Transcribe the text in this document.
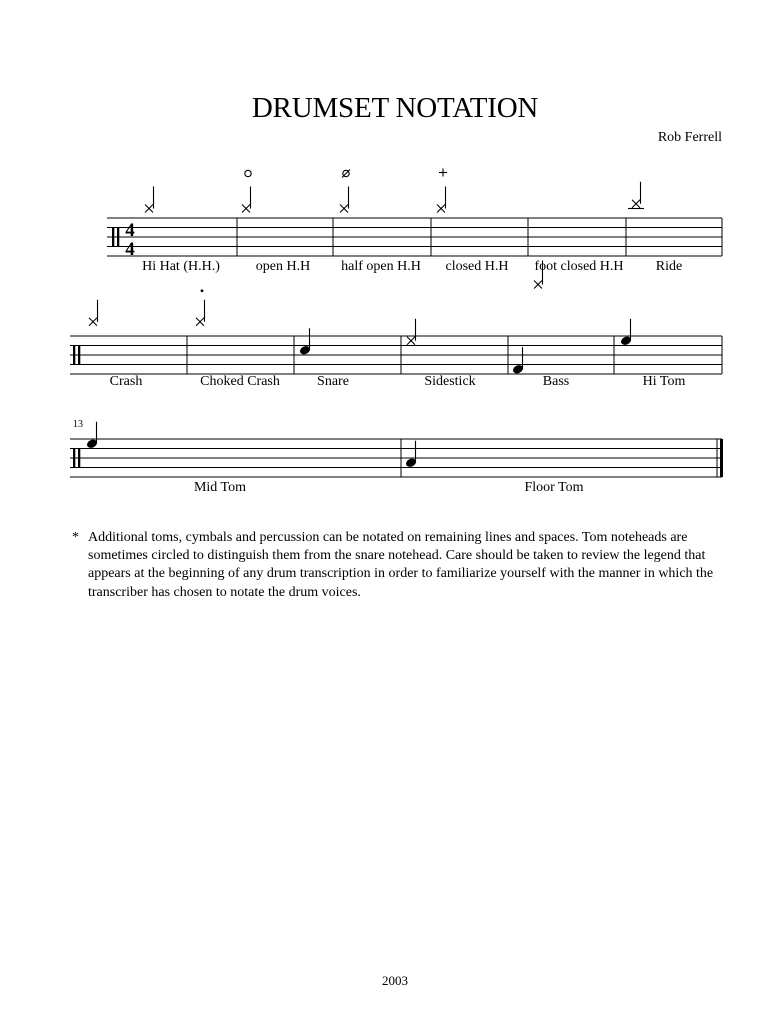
DRUMSET NOTATION
Rob Ferrell
4
4
13
Hi Hat (H.H.)	open H.H half open H.H closed H.H foot closed H.H Ride
Crash	Choked Crash	Snare	Sidestick	Bass	Hi Tom
Mid Tom	Floor Tom
* Additional toms, cymbals and percussion can be notated on remaining lines and spaces. Tom noteheads are sometimes circled to distinguish them from the snare notehead. Care should be taken to review the legend that appears at the beginning of any drum transcription in order to familiarize yourself with the manner in which the transcriber has chosen to notate the drum voices.
2003
